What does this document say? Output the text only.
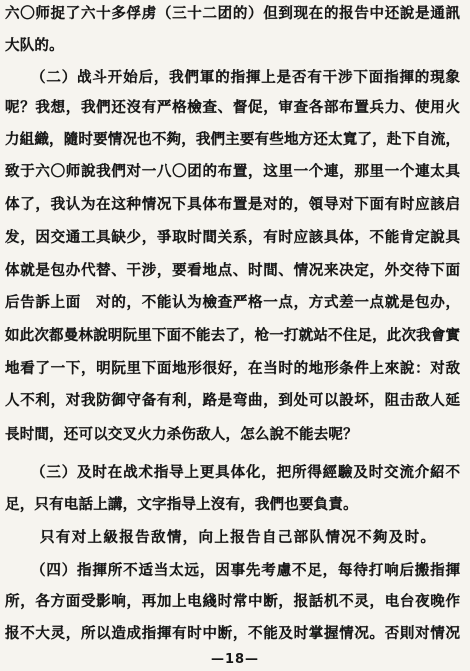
六〇师捉了六十多俘虏（三十二团的）但到现在的报告中还說是通訊
大队的。
（二）战斗开始后，我們軍的指揮上是否有干涉下面指揮的現象
呢？我想，我們还沒有严格檢查、督促，审查各部布置兵力、使用火
力組織，隨时要情况也不夠，我們主要有些地方还太寬了，赴下自流，
致于六〇师說我們对一八〇团的布置，这里一个連，那里一个連太具
体了，我认为在这种情况下具体布置是对的，領导对下面有时应該启
发，因交通工具缺少，爭取时間关系，有时应該具体，不能肯定說具
体就是包办代替、干涉，要看地点、时間、情况来决定，外交待下面
后告訴上面　对的，不能认为檢查严格一点，方式差一点就是包办，
如此次都曼林說明阮里下面不能去了，枪一打就站不住足，此次我會實
地看了一下，明阮里下面地形很好，在当时的地形条件上來說：对敌
人不利，对我防御守备有利，路是弯曲，到处可以設坏，阻击敌人延
長时間，还可以交叉火力杀伤敌人，怎么說不能去呢？
（三）及时在战术指导上更具体化，把所得經驗及时交流介紹不
足，只有电話上講，文字指导上沒有，我們也要負責。
只有对上級报告敌情，向上报告自己部队情况不夠及时。
（四）指揮所不适当太远，因事先考慮不足，每待打响后搬指揮
所，各方面受影响，再加上电綫时常中断，报話机不灵，电台夜晚作
报不大灵，所以造成指揮有时中断，不能及时掌握情况。否則对情况
—18—
